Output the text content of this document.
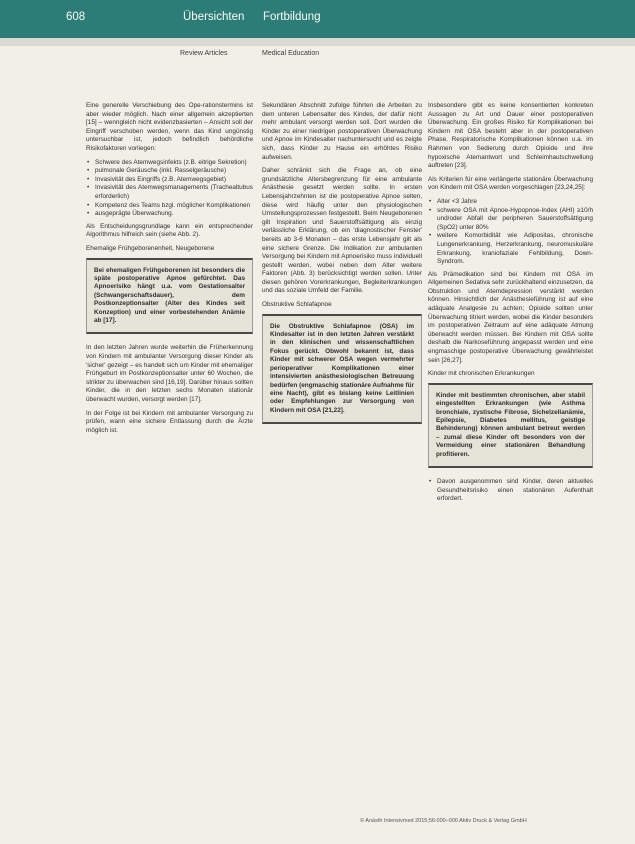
608	Übersichten Fortbildung
Review Articles	Medical Education

Eine generelle Verschiebung des Ope-rationstermins ist aber wieder möglich. Nach einer allgemein akzeptierten [15] – wenngleich nicht evidenzbasierten – Ansicht soll der Eingriff verschoben werden, wenn das Kind ungünstig untersuchbar ist, jedoch befindlich behördliche Risikofaktoren vorliegen:

• Schwere des Atemwegsinfekts (z.B. eitrige Sekretion)
• pulmonale Geräusche (inkl. Rasselgeräusche)
• Invasivität des Eingriffs (z.B. Atemwegsgebiet)
• Invasivität des Atemwegsmanagements (Trachealtubus erforderlich)
• Kompetenz des Teams bzgl. möglicher Komplikationen
• ausgeprägte Überwachung.

Als Entscheidungsgrundlage kann ein entsprechender Algorithmus hilfreich sein (siehe Abb. 2).

Ehemalige Frühgeborenenheit, Neugeborene
Bei ehemaligen Frühgeborenen ist besonders die späte postoperative Apnoe gefürchtet. Das Apnoerisiko hängt u.a. vom Gestationsalter (Schwangerschaftsdauer), dem Postkonzeptionsalter (Alter des Kindes seit Konzeption) und einer vorbestehenden Anämie ab [17].

In den letzten Jahren wurde weiterhin die Früherkennung von Kindern mit ambulanter Versorgung dieser Kinder als 'sicher' gezeigt – es handelt sich um Kinder mit ehemaliger Frühgeburt im Postkonzeptionsalter unter 60 Wochen, die strikter zu überwachen sind [16,19]. Darüber hinaus sollten Kinder, die in den letzten sechs Monaten stationär überwacht wurden, versorgt werden [17].

In der Folge ist bei Kindern mit ambulanter Versorgung zu prüfen, wann eine sichere Entlassung durch die Ärzte möglich ist.

Sekundären Abschnitt zufolge führten die Arbeiten zu dem unteren Lebensalter des Kindes, der dafür nicht mehr ambulant versorgt werden soll. Dort wurden die Kinder zu einer niedrigen postoperativen Überwachung und Apnoe im Kindesalter nachuntersucht und es zeigte sich, dass Kinder zu Hause ein erhöhtes Risiko aufweisen.

Daher schränkt sich die Frage an, ob eine grundsätzliche Altersbegrenzung für eine ambulante Anästhesie gesetzt werden sollte. In ersten Lebensjahrzehnten ist die postoperative Apnoe selten, diese wird häufig unter den physiologischen Umstellungsprozessen festgestellt. Beim Neugeborenen gilt Inspiration und Sauerstoffsättigung als einzig verlässliche Erklärung, ob ein 'diagnostischer Fenster' bereits ab 3-6 Monaten – das erste Lebensjahr gilt als eine sichere Grenze. Die Indikation zur ambulanten Versorgung bei Kindern mit Apnoerisiko muss individuell gestellt werden, wobei neben dem Alter weitere Faktoren (Abb. 3) berücksichtigt werden sollen. Unter diesen gehören Vorerkrankungen, Begleiterkrankungen und das soziale Umfeld der Familie.

Obstruktive Schlafapnoe
Die Obstruktive Schlafapnoe (OSA) im Kindesalter ist in den letzten Jahren verstärkt in den klinischen und wissenschaftlichen Fokus gerückt. Obwohl bekannt ist, dass Kinder mit schwerer OSA wegen vermehrter perioperativer Komplikationen einer intensivierten anästhesiologischen Betreuung bedürfen (engmaschig stationäre Aufnahme für eine Nacht), gibt es bislang keine Leitlinien oder Empfehlungen zur Versorgung von Kindern mit OSA [21,22].

Insbesondere gibt es keine konsentierten konkreten Aussagen zu Art und Dauer einer postoperativen Überwachung. Ein großes Risiko für Komplikationen bei Kindern mit OSA besteht aber in der postoperativen Phase. Respiratorische Komplikationen können u.a. im Rahmen von Sedierung durch Opioide und ihre hypoxische Atemantwort und Schleimhautschwellung auftreten [23].

Als Kriterien für eine verlängerte stationäre Überwachung von Kindern mit OSA werden vorgeschlagen [23,24,25]:

• Alter <3 Jahre
• schwere OSA mit Apnoe-Hypopnoe-Index (AHI) ≥10/h und/oder Abfall der peripheren Sauerstoffsättigung (SpO2) unter 80%
• weitere Komorbidität wie Adipositas, chronische Lungenerkrankung, Herzerkrankung, neuromuskuläre Erkrankung, kraniofaziale Fehlbildung, Down-Syndrom.

Als Prämedikation sind bei Kindern mit OSA im Allgemeinen Sedativa sehr zurückhaltend einzusetzen, da Obstruktion und Atemdepression verstärkt werden können. Hinsichtlich der Anästhesieführung ist auf eine adäquate Analgesie zu achten; Opioide sollten unter Überwachung titriert werden, wobei die Kinder besonders im postoperativen Zeitraum auf eine adäquate Atmung überwacht werden müssen. Bei Kindern mit OSA sollte deshalb die Narkoseführung angepasst werden und eine engmaschige postoperative Überwachung gewährleistet sein [26,27].

Kinder mit chronischen Erkrankungen
Kinder mit bestimmten chronischen, aber stabil eingestellten Erkrankungen (wie Asthma bronchiale, zystische Fibrose, Sichelzellanämie, Epilepsie, Diabetes mellitus, geistige Behinderung) können ambulant betreut werden – zumal diese Kinder oft besonders von der Vermeidung einer stationären Behandlung profitieren.
• Davon ausgenommen sind Kinder, deren aktuelles Gesundheitsrisiko einen stationären Aufenthalt erfordert.
© Anästh Intensivmed 2015;56:000–000 Aktiv Druck & Verlag GmbH
